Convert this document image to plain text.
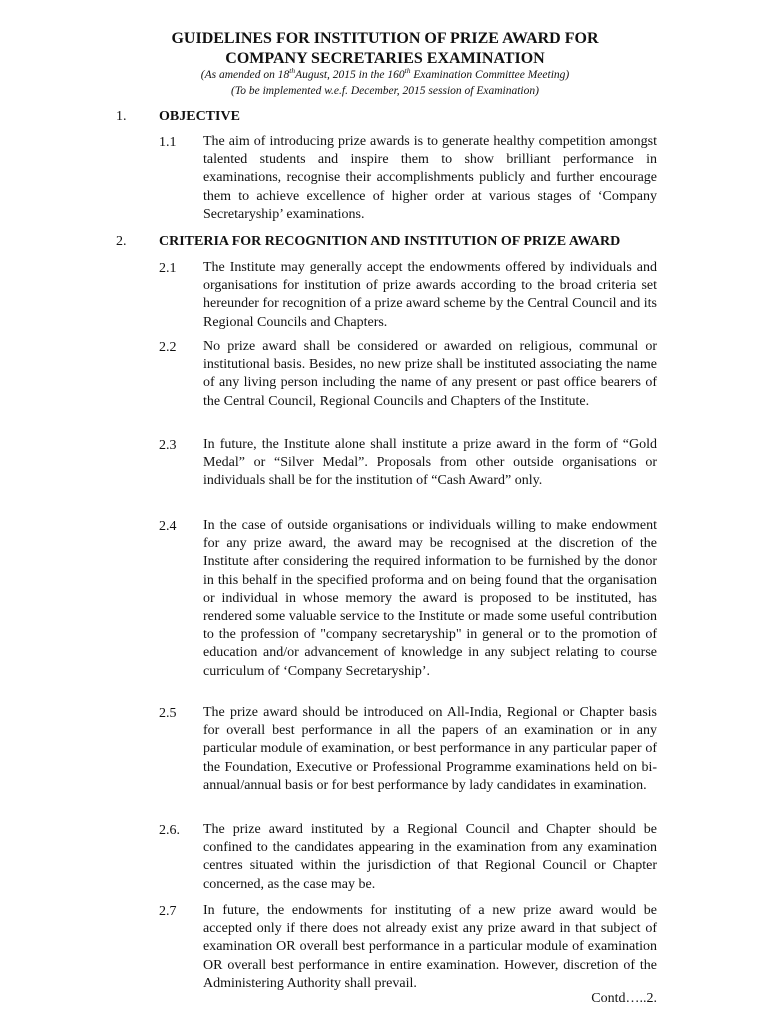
GUIDELINES FOR INSTITUTION OF PRIZE AWARD FOR
COMPANY SECRETARIES EXAMINATION
(As amended on 18thAugust, 2015 in the 160th Examination Committee Meeting)
(To be implemented w.e.f. December, 2015 session of Examination)
1. OBJECTIVE
1.1 The aim of introducing prize awards is to generate healthy competition amongst talented students and inspire them to show brilliant performance in examinations, recognise their accomplishments publicly and further encourage them to achieve excellence of higher order at various stages of ‘Company Secretaryship’ examinations.
2. CRITERIA FOR RECOGNITION AND INSTITUTION OF PRIZE AWARD
2.1 The Institute may generally accept the endowments offered by individuals and organisations for institution of prize awards according to the broad criteria set hereunder for recognition of a prize award scheme by the Central Council and its Regional Councils and Chapters.
2.2 No prize award shall be considered or awarded on religious, communal or institutional basis. Besides, no new prize shall be instituted associating the name of any living person including the name of any present or past office bearers of the Central Council, Regional Councils and Chapters of the Institute.
2.3 In future, the Institute alone shall institute a prize award in the form of “Gold Medal” or “Silver Medal”. Proposals from other outside organisations or individuals shall be for the institution of “Cash Award” only.
2.4 In the case of outside organisations or individuals willing to make endowment for any prize award, the award may be recognised at the discretion of the Institute after considering the required information to be furnished by the donor in this behalf in the specified proforma and on being found that the organisation or individual in whose memory the award is proposed to be instituted, has rendered some valuable service to the Institute or made some useful contribution to the profession of "company secretaryship" in general or to the promotion of education and/or advancement of knowledge in any subject relating to course curriculum of ‘Company Secretaryship’.
2.5 The prize award should be introduced on All-India, Regional or Chapter basis for overall best performance in all the papers of an examination or in any particular module of examination, or best performance in any particular paper of the Foundation, Executive or Professional Programme examinations held on bi-annual/annual basis or for best performance by lady candidates in examination.
2.6. The prize award instituted by a Regional Council and Chapter should be confined to the candidates appearing in the examination from any examination centres situated within the jurisdiction of that Regional Council or Chapter concerned, as the case may be.
2.7 In future, the endowments for instituting of a new prize award would be accepted only if there does not already exist any prize award in that subject of examination OR overall best performance in a particular module of examination OR overall best performance in entire examination. However, discretion of the Administering Authority shall prevail.
Contd…..2.
